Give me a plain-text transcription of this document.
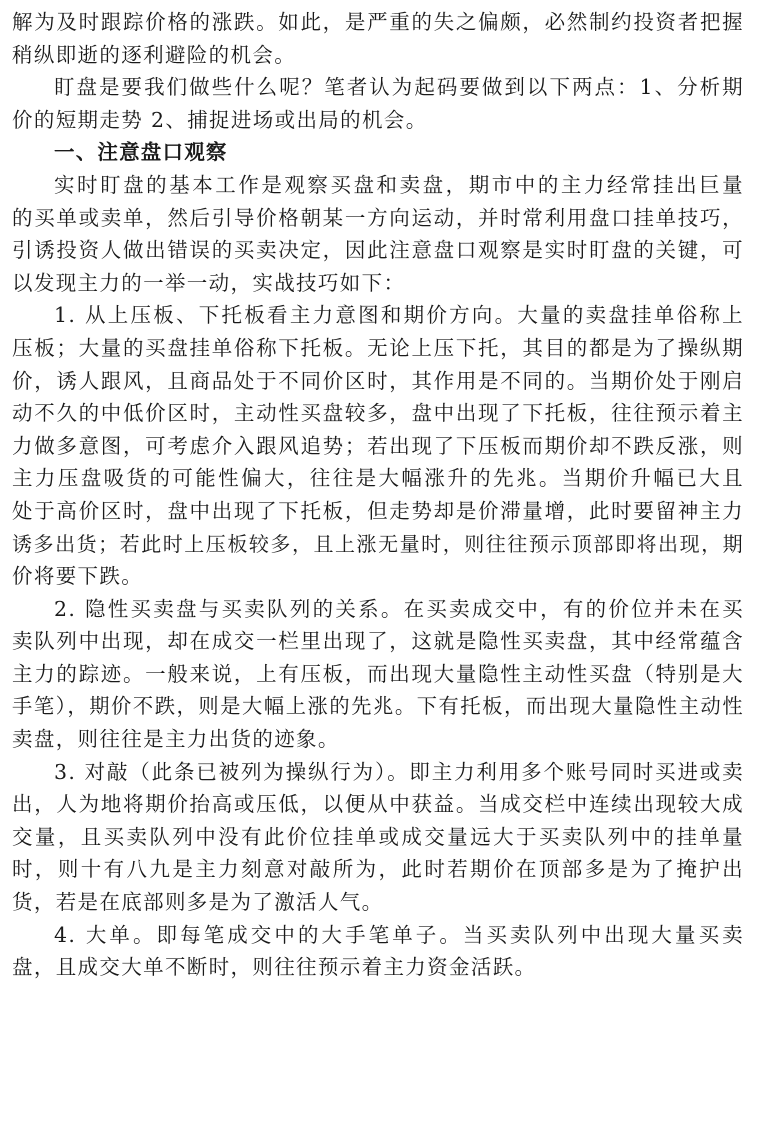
解为及时跟踪价格的涨跌。如此，是严重的失之偏颇，必然制约投资者把握

稍纵即逝的逐利避险的机会。

盯盘是要我们做些什么呢？笔者认为起码要做到以下两点：1、分析期

价的短期走势 2、捕捉进场或出局的机会。

一、注意盘口观察

实时盯盘的基本工作是观察买盘和卖盘，期市中的主力经常挂出巨量

的买单或卖单，然后引导价格朝某一方向运动，并时常利用盘口挂单技巧，

引诱投资人做出错误的买卖决定，因此注意盘口观察是实时盯盘的关键，可

以发现主力的一举一动，实战技巧如下：

1. 从上压板、下托板看主力意图和期价方向。大量的卖盘挂单俗称上

压板；大量的买盘挂单俗称下托板。无论上压下托，其目的都是为了操纵期

价，诱人跟风，且商品处于不同价区时，其作用是不同的。当期价处于刚启

动不久的中低价区时，主动性买盘较多，盘中出现了下托板，往往预示着主

力做多意图，可考虑介入跟风追势；若出现了下压板而期价却不跌反涨，则

主力压盘吸货的可能性偏大，往往是大幅涨升的先兆。当期价升幅已大且

处于高价区时，盘中出现了下托板，但走势却是价滞量增，此时要留神主力

诱多出货；若此时上压板较多，且上涨无量时，则往往预示顶部即将出现，期

价将要下跌。

2. 隐性买卖盘与买卖队列的关系。在买卖成交中，有的价位并未在买

卖队列中出现，却在成交一栏里出现了，这就是隐性买卖盘，其中经常蕴含

主力的踪迹。一般来说，上有压板，而出现大量隐性主动性买盘（特别是大

手笔），期价不跌，则是大幅上涨的先兆。下有托板，而出现大量隐性主动性

卖盘，则往往是主力出货的迹象。

3. 对敲（此条已被列为操纵行为）。即主力利用多个账号同时买进或卖

出，人为地将期价抬高或压低，以便从中获益。当成交栏中连续出现较大成

交量，且买卖队列中没有此价位挂单或成交量远大于买卖队列中的挂单量

时，则十有八九是主力刻意对敲所为，此时若期价在顶部多是为了掩护出

货，若是在底部则多是为了激活人气。

4. 大单。即每笔成交中的大手笔单子。当买卖队列中出现大量买卖

盘，且成交大单不断时，则往往预示着主力资金活跃。
